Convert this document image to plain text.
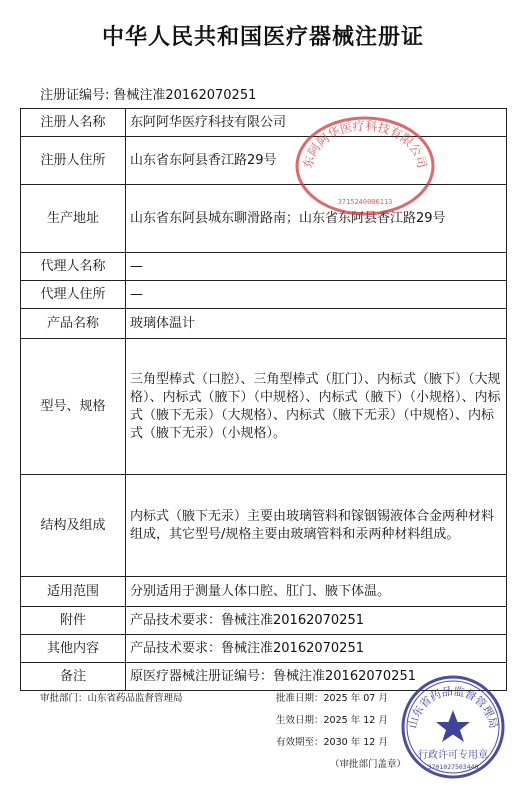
中华人民共和国医疗器械注册证
注册证编号: 鲁械注准20162070251
注册人名称	东阿阿华医疗科技有限公司
注册人住所	山东省东阿县香江路29号
生产地址	山东省东阿县城东聊滑路南；山东省东阿县香江路29号
代理人名称	—
代理人住所	—
产品名称	玻璃体温计
型号、规格	三角型棒式（口腔）、三角型棒式（肛门）、内标式（腋下）（大规格）、内标式（腋下）（中规格）、内标式（腋下）（小规格）、内标式（腋下无汞）（大规格）、内标式（腋下无汞）（中规格）、内标式（腋下无汞）（小规格）。
结构及组成	内标式（腋下无汞）主要由玻璃管料和镓铟锡液体合金两种材料组成，其它型号/规格主要由玻璃管料和汞两种材料组成。
适用范围	分别适用于测量人体口腔、肛门、腋下体温。
附件	产品技术要求：鲁械注准20162070251
其他内容	产品技术要求：鲁械注准20162070251
备注	原医疗器械注册证编号：鲁械注准20162070251
审批部门：山东省药品监督管理局	批准日期：2025 年 07 月
生效日期：2025 年 12 月
有效期至：2030 年 12 月
（审批部门盖章）
东阿阿华医疗科技有限公司
3715240006113
山东省药品监督管理局
行政许可专用章
3701027503440
